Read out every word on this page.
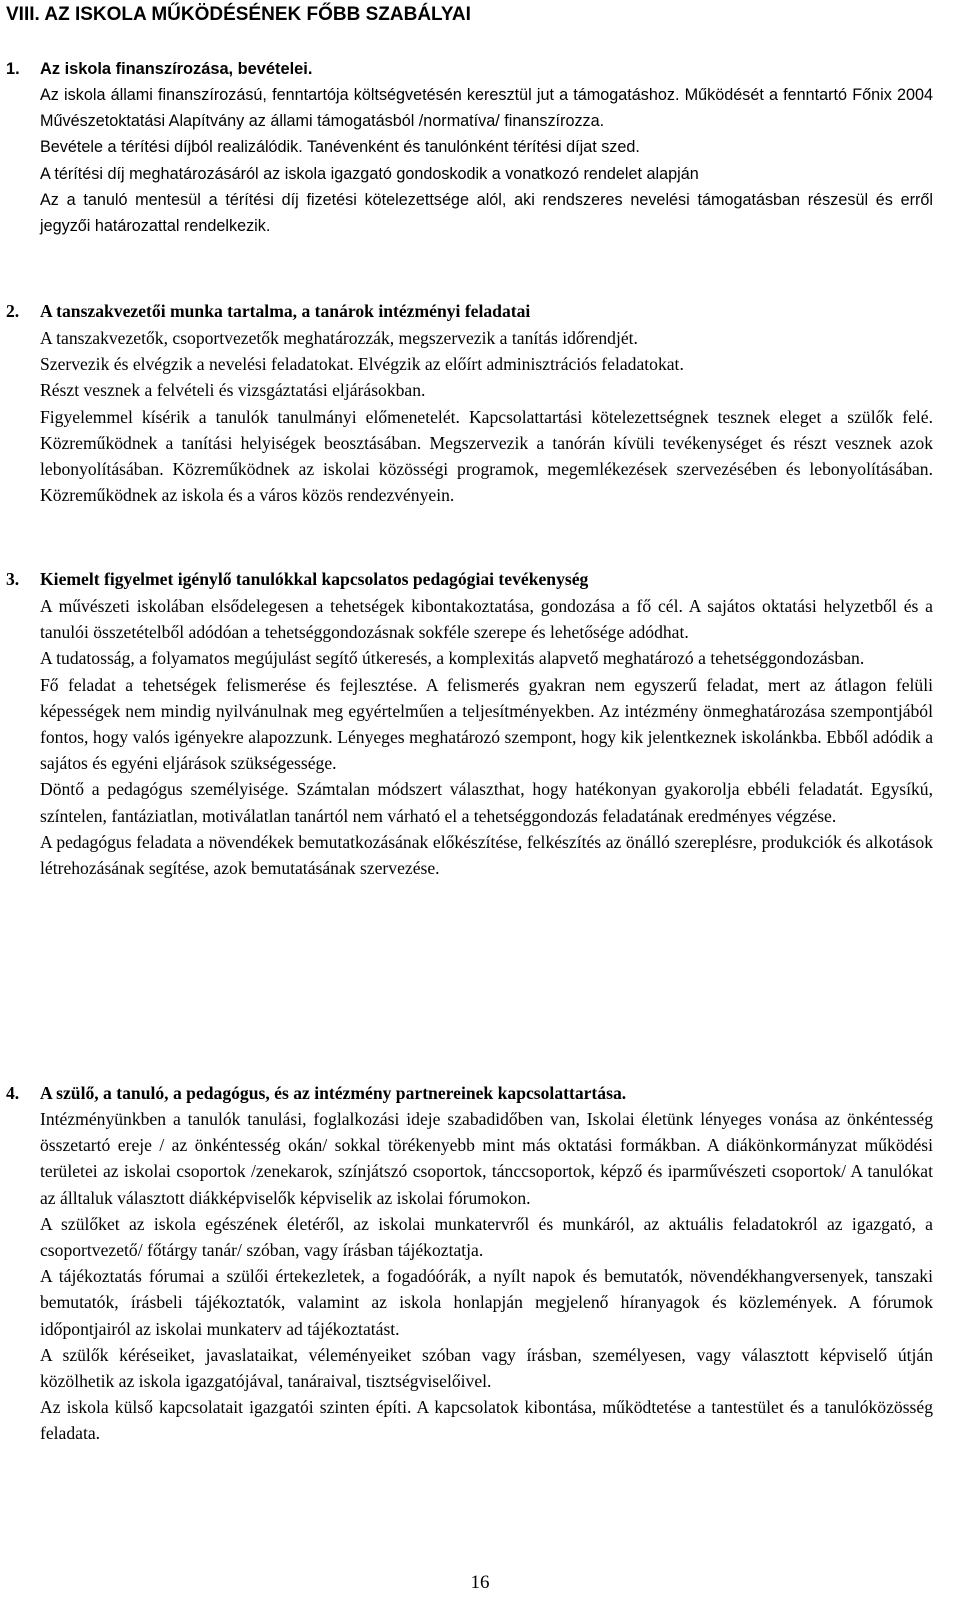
VIII. AZ ISKOLA MŰKÖDÉSÉNEK FŐBB SZABÁLYAI
1. Az iskola finanszírozása, bevételei.

Az iskola állami finanszírozású, fenntartója költségvetésén keresztül jut a támogatáshoz. Működését a fenntartó Főnix 2004 Művészetoktatási Alapítvány az állami támogatásból /normatíva/ finanszírozza.

Bevétele a térítési díjból realizálódik. Tanévenként és tanulónként térítési díjat szed.

A térítési díj meghatározásáról az iskola igazgató gondoskodik a vonatkozó rendelet alapján

Az a tanuló mentesül a térítési díj fizetési kötelezettsége alól, aki rendszeres nevelési támogatásban részesül és erről jegyzői határozattal rendelkezik.

2. A tanszakvezetői munka tartalma, a tanárok intézményi feladatai

A tanszakvezetők, csoportvezetők meghatározzák, megszervezik a tanítás időrendjét.

Szervezik és elvégzik a nevelési feladatokat. Elvégzik az előírt adminisztrációs feladatokat.

Részt vesznek a felvételi és vizsgáztatási eljárásokban.

Figyelemmel kísérik a tanulók tanulmányi előmenetelét. Kapcsolattartási kötelezettségnek tesznek eleget a szülők felé. Közreműködnek a tanítási helyiségek beosztásában. Megszervezik a tanórán kívüli tevékenységet és részt vesznek azok lebonyolításában. Közreműködnek az iskolai közösségi programok, megemlékezések szervezésében és lebonyolításában. Közreműködnek az iskola és a város közös rendezvényein.

3. Kiemelt figyelmet igénylő tanulókkal kapcsolatos pedagógiai tevékenység

A művészeti iskolában elsődelegesen a tehetségek kibontakoztatása, gondozása a fő cél. A sajátos oktatási helyzetből és a tanulói összetételből adódóan a tehetséggondozásnak sokféle szerepe és lehetősége adódhat.

A tudatosság, a folyamatos megújulást segítő útkeresés, a komplexitás alapvető meghatározó a tehetséggondozásban.

Fő feladat a tehetségek felismerése és fejlesztése. A felismerés gyakran nem egyszerű feladat, mert az átlagon felüli képességek nem mindig nyilvánulnak meg egyértelműen a teljesítményekben. Az intézmény önmeghatározása szempontjából fontos, hogy valós igényekre alapozzunk. Lényeges meghatározó szempont, hogy kik jelentkeznek iskolánkba. Ebből adódik a sajátos és egyéni eljárások szükségessége.

Döntő a pedagógus személyisége. Számtalan módszert választhat, hogy hatékonyan gyakorolja ebbéli feladatát. Egysíkú, színtelen, fantáziatlan, motiválatlan tanártól nem várható el a tehetséggondozás feladatának eredményes végzése.

A pedagógus feladata a növendékek bemutatkozásának előkészítése, felkészítés az önálló szereplésre, produkciók és alkotások létrehozásának segítése, azok bemutatásának szervezése.

4. A szülő, a tanuló, a pedagógus, és az intézmény partnereinek kapcsolattartása.

Intézményünkben a tanulók tanulási, foglalkozási ideje szabadidőben van, Iskolai életünk lényeges vonása az önkéntesség összetartó ereje / az önkéntesség okán/ sokkal törékenyebb mint más oktatási formákban. A diákönkormányzat működési területei az iskolai csoportok /zenekarok, színjátszó csoportok, tánccsoportok, képző és iparművészeti csoportok/ A tanulókat az álltaluk választott diákképviselők képviselik az iskolai fórumokon.

A szülőket az iskola egészének életéről, az iskolai munkatervről és munkáról, az aktuális feladatokról az igazgató, a csoportvezető/ főtárgy tanár/ szóban, vagy írásban tájékoztatja.

A tájékoztatás fórumai a szülői értekezletek, a fogadóórák, a nyílt napok és bemutatók, növendékhangversenyek, tanszaki bemutatók, írásbeli tájékoztatók, valamint az iskola honlapján megjelenő híranyagok és közlemények. A fórumok időpontjairól az iskolai munkaterv ad tájékoztatást.

A szülők kéréseiket, javaslataikat, véleményeiket szóban vagy írásban, személyesen, vagy választott képviselő útján közölhetik az iskola igazgatójával, tanáraival, tisztségviselőivel.

Az iskola külső kapcsolatait igazgatói szinten építi. A kapcsolatok kibontása, működtetése a tantestület és a tanulóközösség feladata.

16
